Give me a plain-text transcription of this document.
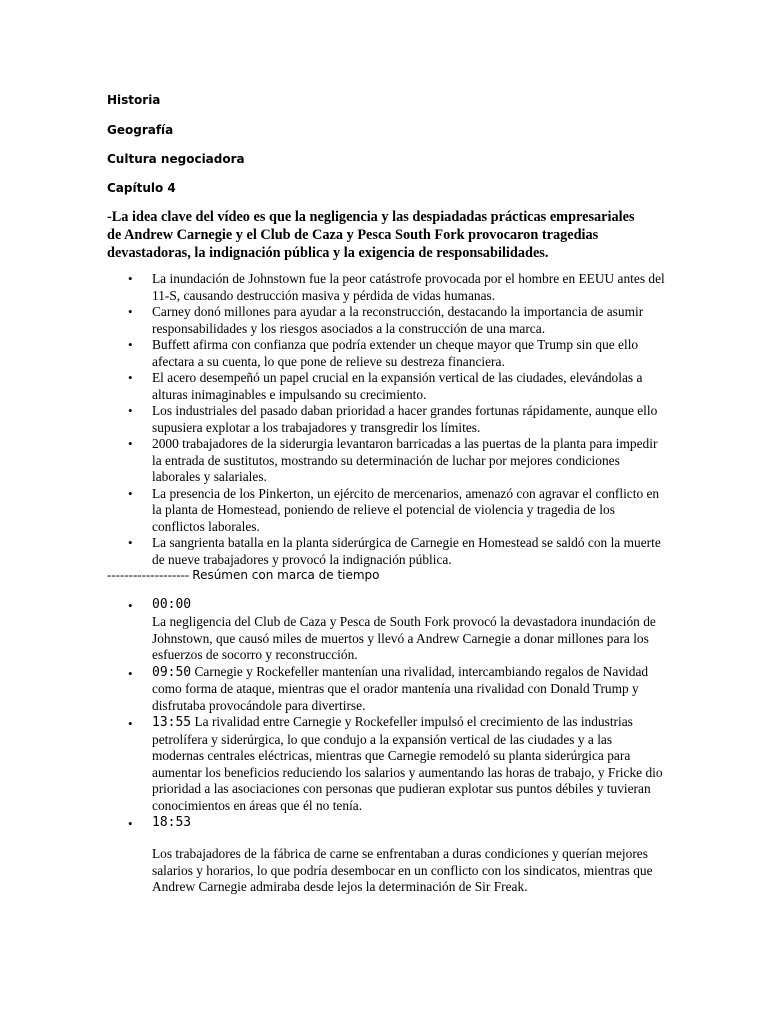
Historia

Geografía

Cultura negociadora

Capítulo 4

-La idea clave del vídeo es que la negligencia y las despiadadas prácticas empresariales de Andrew Carnegie y el Club de Caza y Pesca South Fork provocaron tragedias devastadoras, la indignación pública y la exigencia de responsabilidades.

• La inundación de Johnstown fue la peor catástrofe provocada por el hombre en EEUU antes del 11-S, causando destrucción masiva y pérdida de vidas humanas.
• Carney donó millones para ayudar a la reconstrucción, destacando la importancia de asumir responsabilidades y los riesgos asociados a la construcción de una marca.
• Buffett afirma con confianza que podría extender un cheque mayor que Trump sin que ello afectara a su cuenta, lo que pone de relieve su destreza financiera.
• El acero desempeñó un papel crucial en la expansión vertical de las ciudades, elevándolas a alturas inimaginables e impulsando su crecimiento.
• Los industriales del pasado daban prioridad a hacer grandes fortunas rápidamente, aunque ello supusiera explotar a los trabajadores y transgredir los límites.
• 2000 trabajadores de la siderurgia levantaron barricadas a las puertas de la planta para impedir la entrada de sustitutos, mostrando su determinación de luchar por mejores condiciones laborales y salariales.
• La presencia de los Pinkerton, un ejército de mercenarios, amenazó con agravar el conflicto en la planta de Homestead, poniendo de relieve el potencial de violencia y tragedia de los conflictos laborales.
• La sangrienta batalla en la planta siderúrgica de Carnegie en Homestead se saldó con la muerte de nueve trabajadores y provocó la indignación pública.

------------------- Resúmen con marca de tiempo

• 00:00
La negligencia del Club de Caza y Pesca de South Fork provocó la devastadora inundación de Johnstown, que causó miles de muertos y llevó a Andrew Carnegie a donar millones para los esfuerzos de socorro y reconstrucción.
• 09:50 Carnegie y Rockefeller mantenían una rivalidad, intercambiando regalos de Navidad como forma de ataque, mientras que el orador mantenía una rivalidad con Donald Trump y disfrutaba provocándole para divertirse.
• 13:55 La rivalidad entre Carnegie y Rockefeller impulsó el crecimiento de las industrias petrolífera y siderúrgica, lo que condujo a la expansión vertical de las ciudades y a las modernas centrales eléctricas, mientras que Carnegie remodeló su planta siderúrgica para aumentar los beneficios reduciendo los salarios y aumentando las horas de trabajo, y Fricke dio prioridad a las asociaciones con personas que pudieran explotar sus puntos débiles y tuvieran conocimientos en áreas que él no tenía.
• 18:53
Los trabajadores de la fábrica de carne se enfrentaban a duras condiciones y querían mejores salarios y horarios, lo que podría desembocar en un conflicto con los sindicatos, mientras que Andrew Carnegie admiraba desde lejos la determinación de Sir Freak.
